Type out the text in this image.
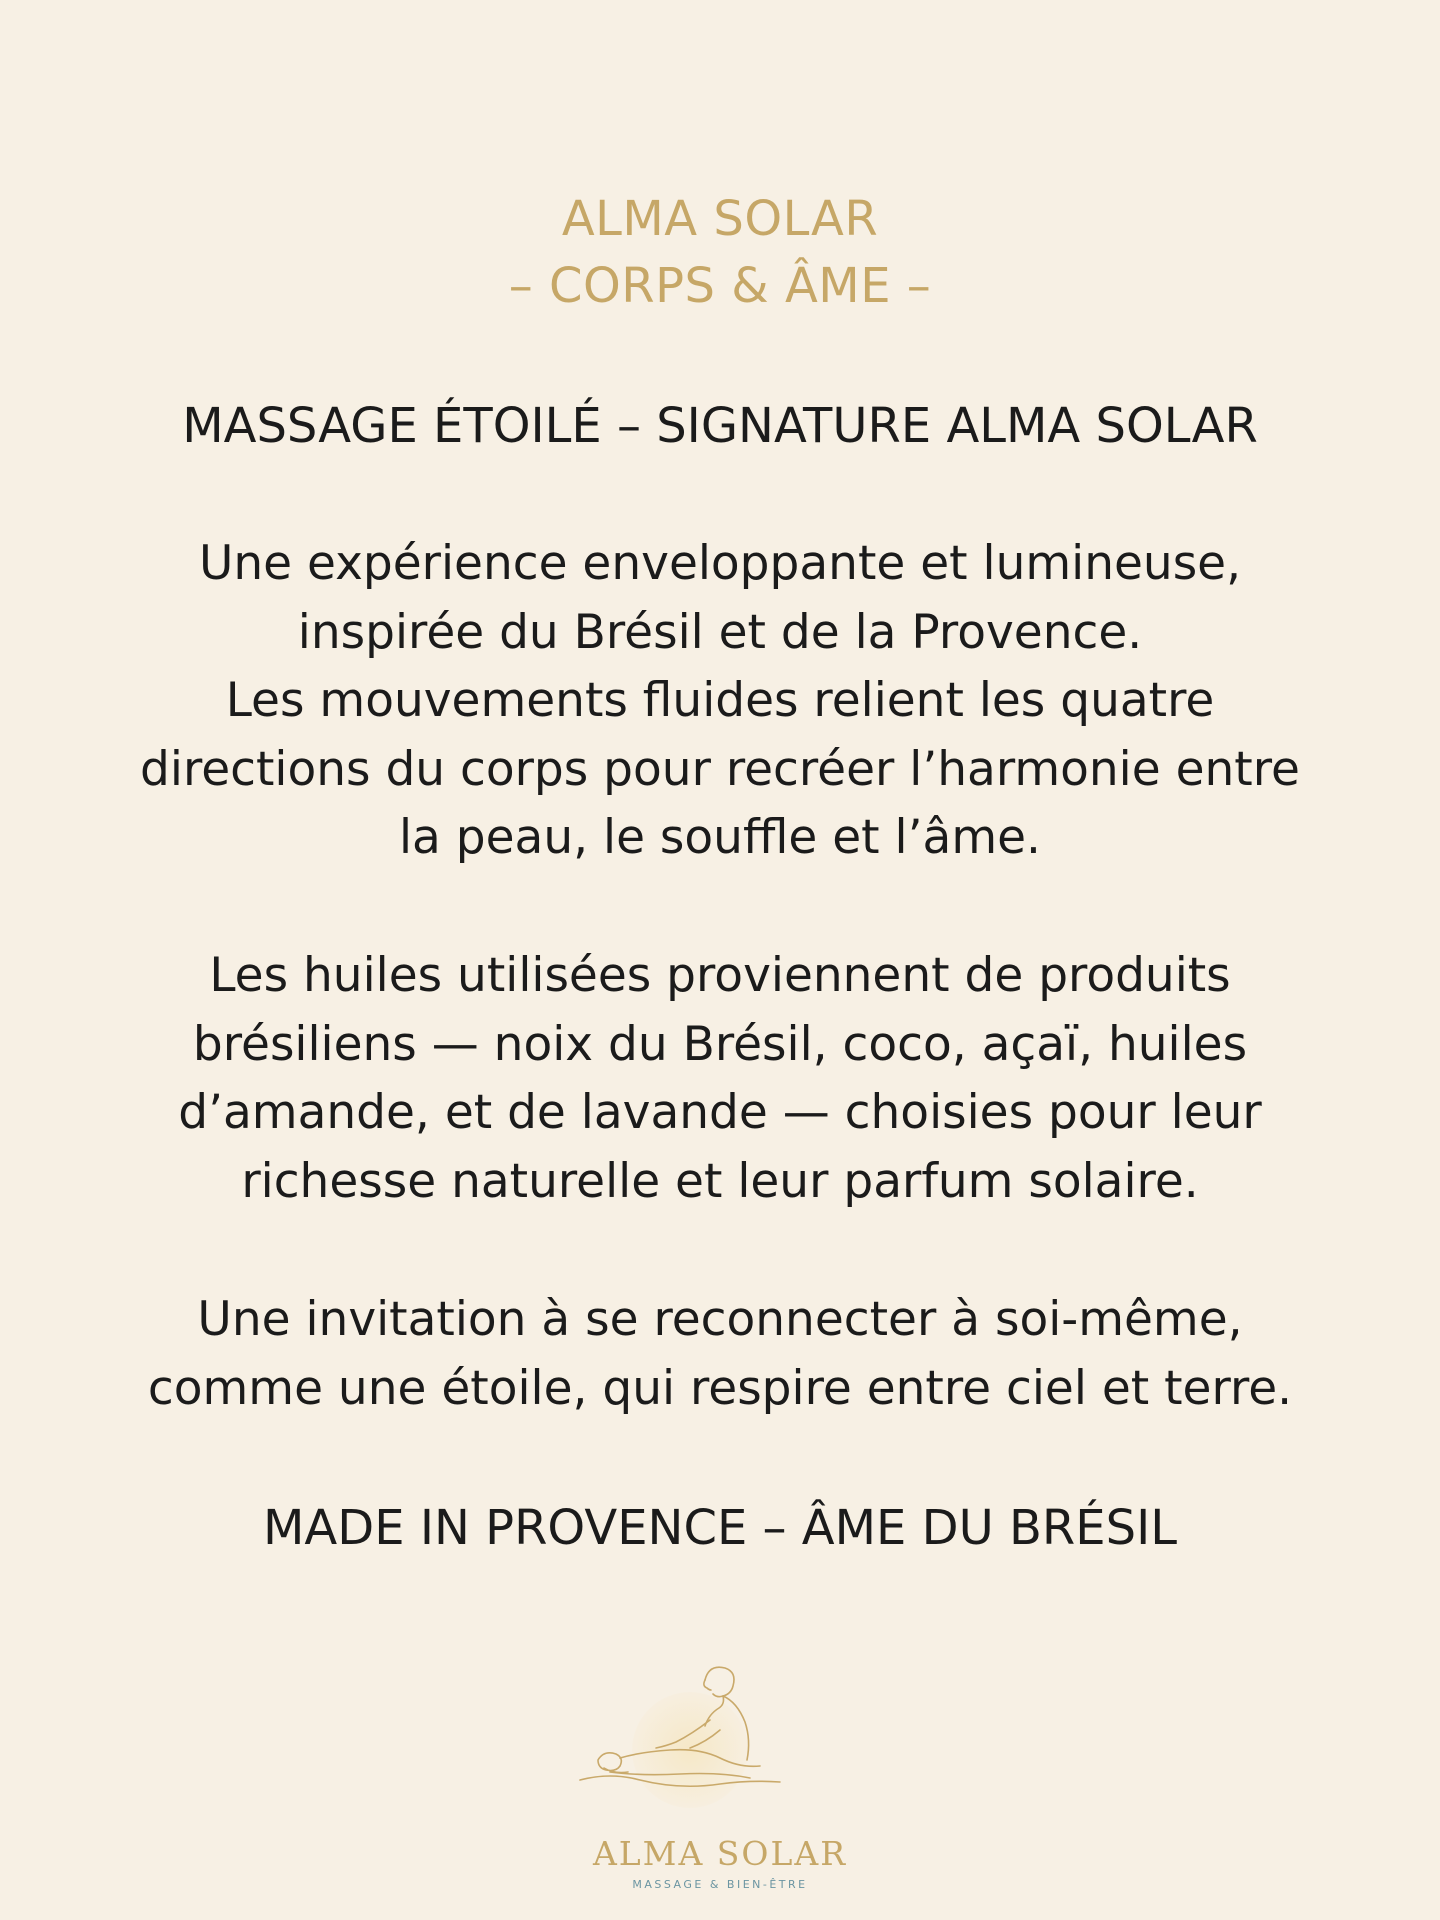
ALMA SOLAR
– CORPS & ÂME –
MASSAGE ÉTOILÉ – SIGNATURE ALMA SOLAR
Une expérience enveloppante et lumineuse,
inspirée du Brésil et de la Provence.
Les mouvements fluides relient les quatre
directions du corps pour recréer l’harmonie entre
la peau, le souffle et l’âme.
Les huiles utilisées proviennent de produits
brésiliens — noix du Brésil, coco, açaï, huiles
d’amande, et de lavande — choisies pour leur
richesse naturelle et leur parfum solaire.
Une invitation à se reconnecter à soi-même,
comme une étoile, qui respire entre ciel et terre.
MADE IN PROVENCE – ÂME DU BRÉSIL
ALMA SOLAR
MASSAGE & BIEN-ÊTRE
